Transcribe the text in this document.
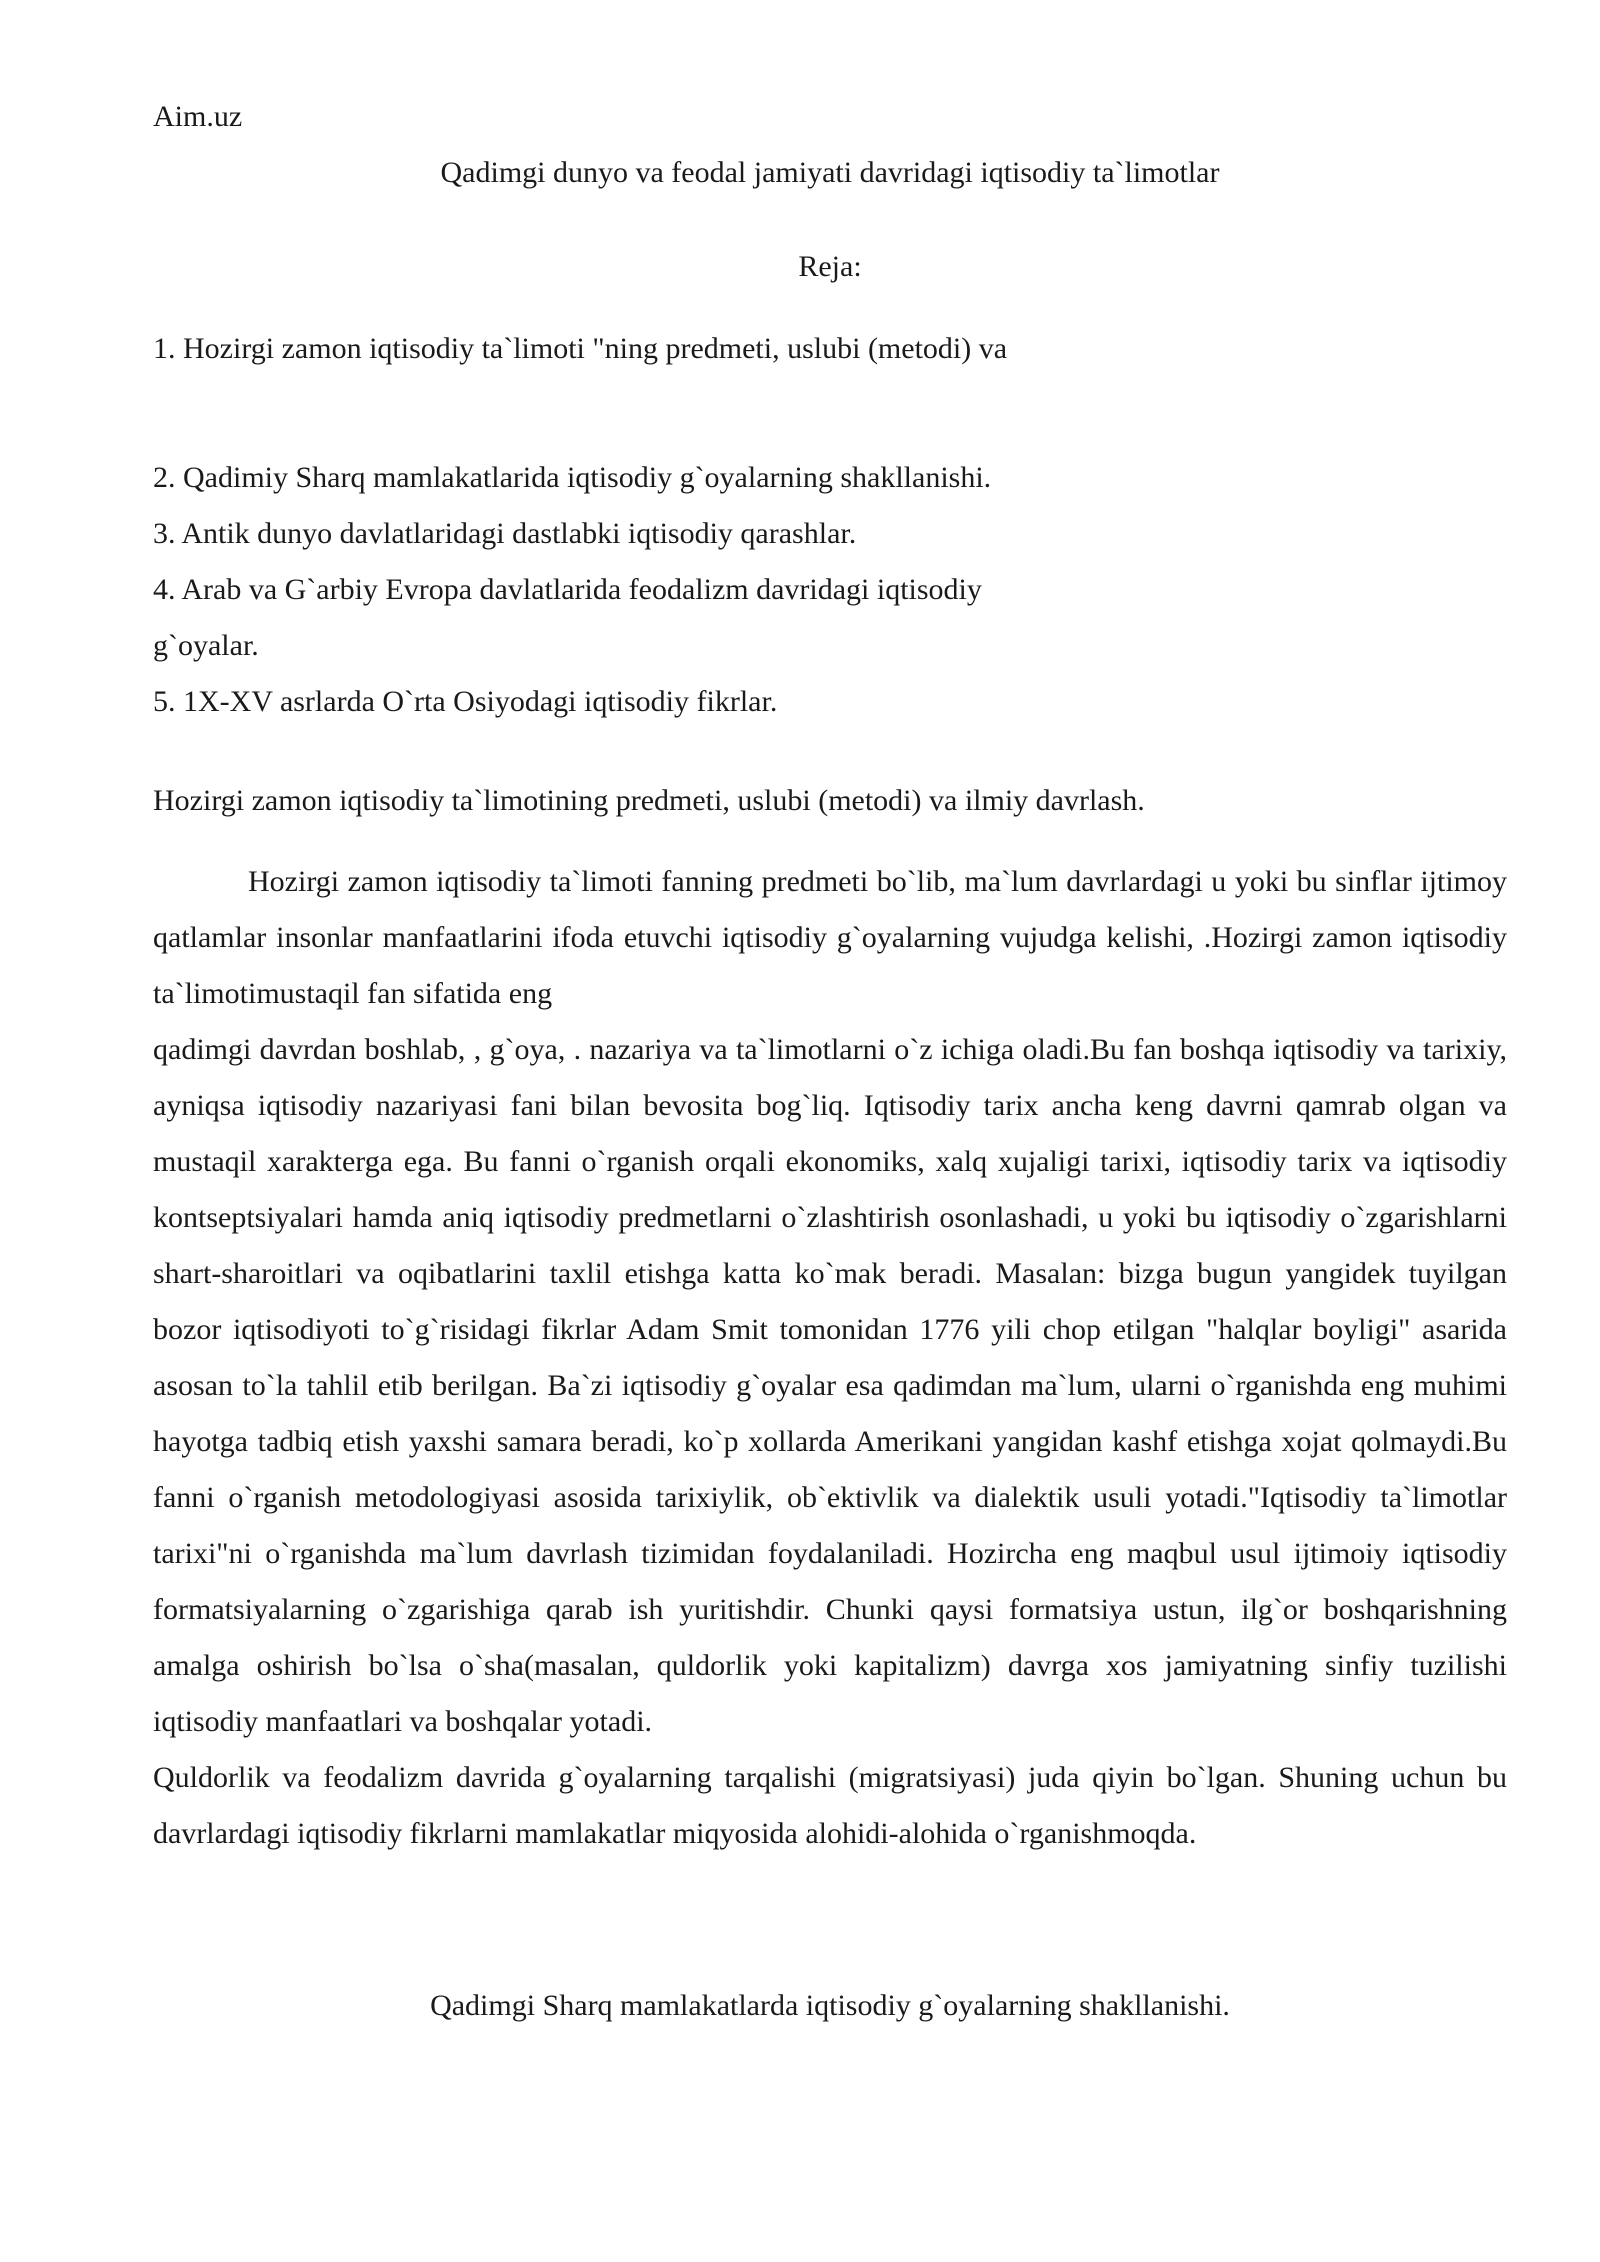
Aim.uz
Qadimgi dunyo va feodal jamiyati davridagi iqtisodiy ta`limotlar
Reja:
1. Hozirgi zamon iqtisodiy ta`limoti "ning predmeti, uslubi (metodi) va
2. Qadimiy Sharq mamlakatlarida iqtisodiy g`oyalarning shakllanishi.
3. Antik dunyo davlatlaridagi dastlabki iqtisodiy qarashlar.
4. Arab va G`arbiy Evropa davlatlarida feodalizm davridagi iqtisodiy
g`oyalar.
5. 1X-XV asrlarda O`rta Osiyodagi iqtisodiy fikrlar.
Hozirgi zamon iqtisodiy ta`limotining predmeti, uslubi (metodi) va ilmiy davrlash.

Hozirgi zamon iqtisodiy ta`limoti fanning predmeti bo`lib, ma`lum davrlardagi u yoki bu sinflar ijtimoy qatlamlar insonlar manfaatlarini ifoda etuvchi iqtisodiy g`oyalarning vujudga kelishi, .Hozirgi zamon iqtisodiy ta`limotimustaqil fan sifatida eng

qadimgi davrdan boshlab, , g`oya, . nazariya va ta`limotlarni o`z ichiga oladi.Bu fan boshqa iqtisodiy va tarixiy, ayniqsa iqtisodiy nazariyasi fani bilan bevosita bog`liq. Iqtisodiy tarix ancha keng davrni qamrab olgan va mustaqil xarakterga ega. Bu fanni o`rganish orqali ekonomiks, xalq xujaligi tarixi, iqtisodiy tarix va iqtisodiy kontseptsiyalari hamda aniq iqtisodiy predmetlarni o`zlashtirish osonlashadi, u yoki bu iqtisodiy o`zgarishlarni shart-sharoitlari va oqibatlarini taxlil etishga katta ko`mak beradi. Masalan: bizga bugun yangidek tuyilgan bozor iqtisodiyoti to`g`risidagi fikrlar Adam Smit tomonidan 1776 yili chop etilgan "halqlar boyligi" asarida asosan to`la tahlil etib berilgan. Ba`zi iqtisodiy g`oyalar esa qadimdan ma`lum, ularni o`rganishda eng muhimi hayotga tadbiq etish yaxshi samara beradi, ko`p xollarda Amerikani yangidan kashf etishga xojat qolmaydi.Bu fanni o`rganish metodologiyasi asosida tarixiylik, ob`ektivlik va dialektik usuli yotadi."Iqtisodiy ta`limotlar tarixi"ni o`rganishda ma`lum davrlash tizimidan foydalaniladi. Hozircha eng maqbul usul ijtimoiy iqtisodiy formatsiyalarning o`zgarishiga qarab ish yuritishdir. Chunki qaysi formatsiya ustun, ilg`or boshqarishning amalga oshirish bo`lsa o`sha(masalan, quldorlik yoki kapitalizm) davrga xos jamiyatning sinfiy tuzilishi iqtisodiy manfaatlari va boshqalar yotadi.

Quldorlik va feodalizm davrida g`oyalarning tarqalishi (migratsiyasi) juda qiyin bo`lgan. Shuning uchun bu davrlardagi iqtisodiy fikrlarni mamlakatlar miqyosida alohidi-alohida o`rganishmoqda.

Qadimgi Sharq mamlakatlarda iqtisodiy g`oyalarning shakllanishi.
